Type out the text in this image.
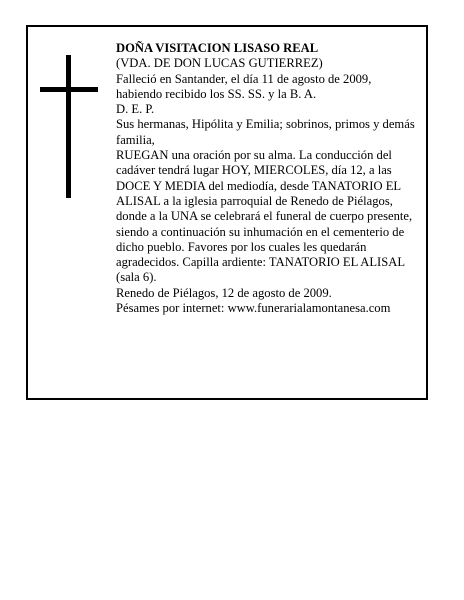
DOÑA VISITACION LISASO REAL

(VDA. DE DON LUCAS GUTIERREZ)

Falleció en Santander, el día 11 de agosto de 2009, habiendo recibido los SS. SS. y la B. A.

D. E. P.

Sus hermanas, Hipólita y Emilia; sobrinos, primos y demás familia,

RUEGAN una oración por su alma. La conducción del cadáver tendrá lugar HOY, MIERCOLES, día 12, a las DOCE Y MEDIA del mediodía, desde TANATORIO EL ALISAL a la iglesia parroquial de Renedo de Piélagos, donde a la UNA se celebrará el funeral de cuerpo presente, siendo a continuación su inhumación en el cementerio de dicho pueblo. Favores por los cuales les quedarán agradecidos. Capilla ardiente: TANATORIO EL ALISAL (sala 6).

Renedo de Piélagos, 12 de agosto de 2009.

Pésames por internet: www.funerarialamontanesa.com
